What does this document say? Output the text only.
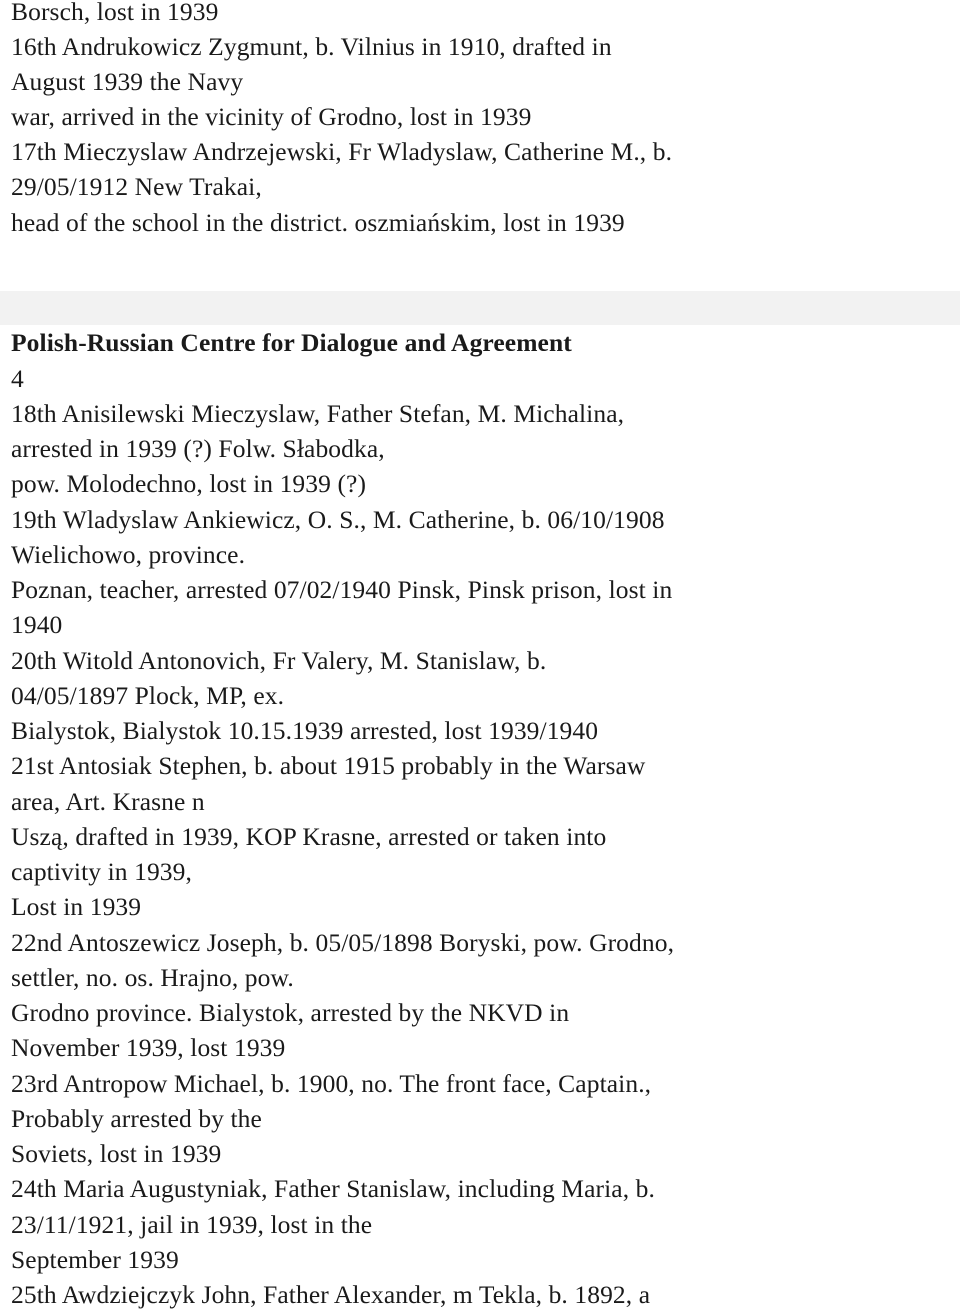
Borsch, lost in 1939
16th Andrukowicz Zygmunt, b. Vilnius in 1910, drafted in
August 1939 the Navy
war, arrived in the vicinity of Grodno, lost in 1939
17th Mieczyslaw Andrzejewski, Fr Wladyslaw, Catherine M., b.
29/05/1912 New Trakai,
head of the school in the district. oszmiańskim, lost in 1939
Polish-Russian Centre for Dialogue and Agreement
4
18th Anisilewski Mieczyslaw, Father Stefan, M. Michalina,
arrested in 1939 (?) Folw. Słabodka,
pow. Molodechno, lost in 1939 (?)
19th Wladyslaw Ankiewicz, O. S., M. Catherine, b. 06/10/1908
Wielichowo, province.
Poznan, teacher, arrested 07/02/1940 Pinsk, Pinsk prison, lost in
1940
20th Witold Antonovich, Fr Valery, M. Stanislaw, b.
04/05/1897 Plock, MP, ex.
Bialystok, Bialystok 10.15.1939 arrested, lost 1939/1940
21st Antosiak Stephen, b. about 1915 probably in the Warsaw
area, Art. Krasne n
Uszą, drafted in 1939, KOP Krasne, arrested or taken into
captivity in 1939,
Lost in 1939
22nd Antoszewicz Joseph, b. 05/05/1898 Boryski, pow. Grodno,
settler, no. os. Hrajno, pow.
Grodno province. Bialystok, arrested by the NKVD in
November 1939, lost 1939
23rd Antropow Michael, b. 1900, no. The front face, Captain.,
Probably arrested by the
Soviets, lost in 1939
24th Maria Augustyniak, Father Stanislaw, including Maria, b.
23/11/1921, jail in 1939, lost in the
September 1939
25th Awdziejczyk John, Father Alexander, m Tekla, b. 1892, a
